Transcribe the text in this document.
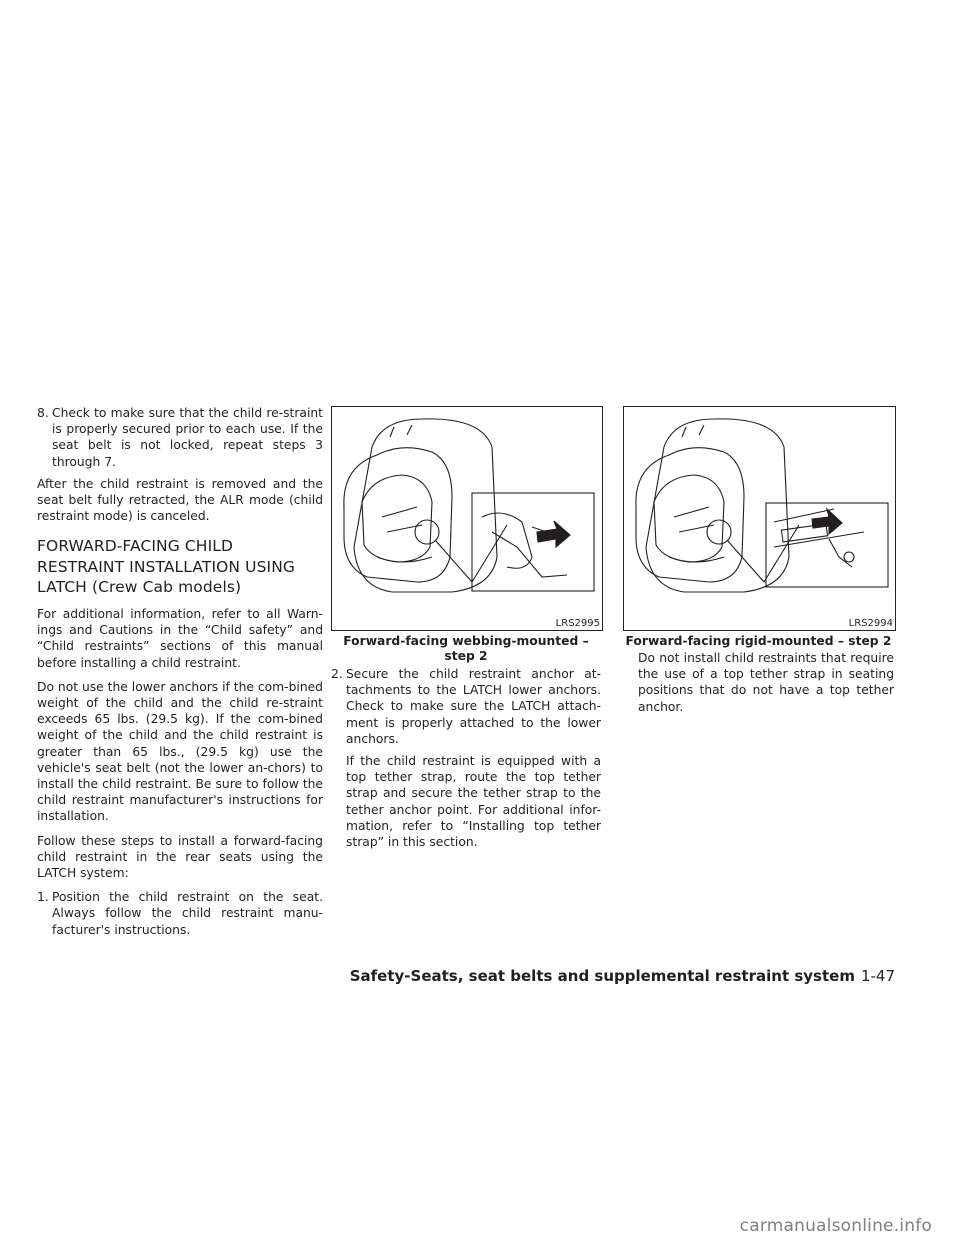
8. Check to make sure that the child re-straint is properly secured prior to each use. If the seat belt is not locked, repeat steps 3 through 7.

After the child restraint is removed and the seat belt fully retracted, the ALR mode (child restraint mode) is canceled.

FORWARD-FACING CHILD
RESTRAINT INSTALLATION USING
LATCH (Crew Cab models)

For additional information, refer to all Warn-ings and Cautions in the “Child safety” and “Child restraints” sections of this manual before installing a child restraint.

Do not use the lower anchors if the com-bined weight of the child and the child re-straint exceeds 65 lbs. (29.5 kg). If the com-bined weight of the child and the child restraint is greater than 65 lbs., (29.5 kg) use the vehicle's seat belt (not the lower an-chors) to install the child restraint. Be sure to follow the child restraint manufacturer's instructions for installation.

Follow these steps to install a forward-facing child restraint in the rear seats using the LATCH system:

1. Position the child restraint on the seat. Always follow the child restraint manu-facturer's instructions.
LRS2995
Forward-facing webbing-mounted –
step 2
2. Secure the child restraint anchor at-tachments to the LATCH lower anchors. Check to make sure the LATCH attach-ment is properly attached to the lower anchors.

If the child restraint is equipped with a top tether strap, route the top tether strap and secure the tether strap to the tether anchor point. For additional infor-mation, refer to “Installing top tether strap” in this section.

LRS2994
Forward-facing rigid-mounted – step 2

Do not install child restraints that require the use of a top tether strap in seating positions that do not have a top tether anchor.

Safety-Seats, seat belts and supplemental restraint system 1-47
carmanualsonline.info
